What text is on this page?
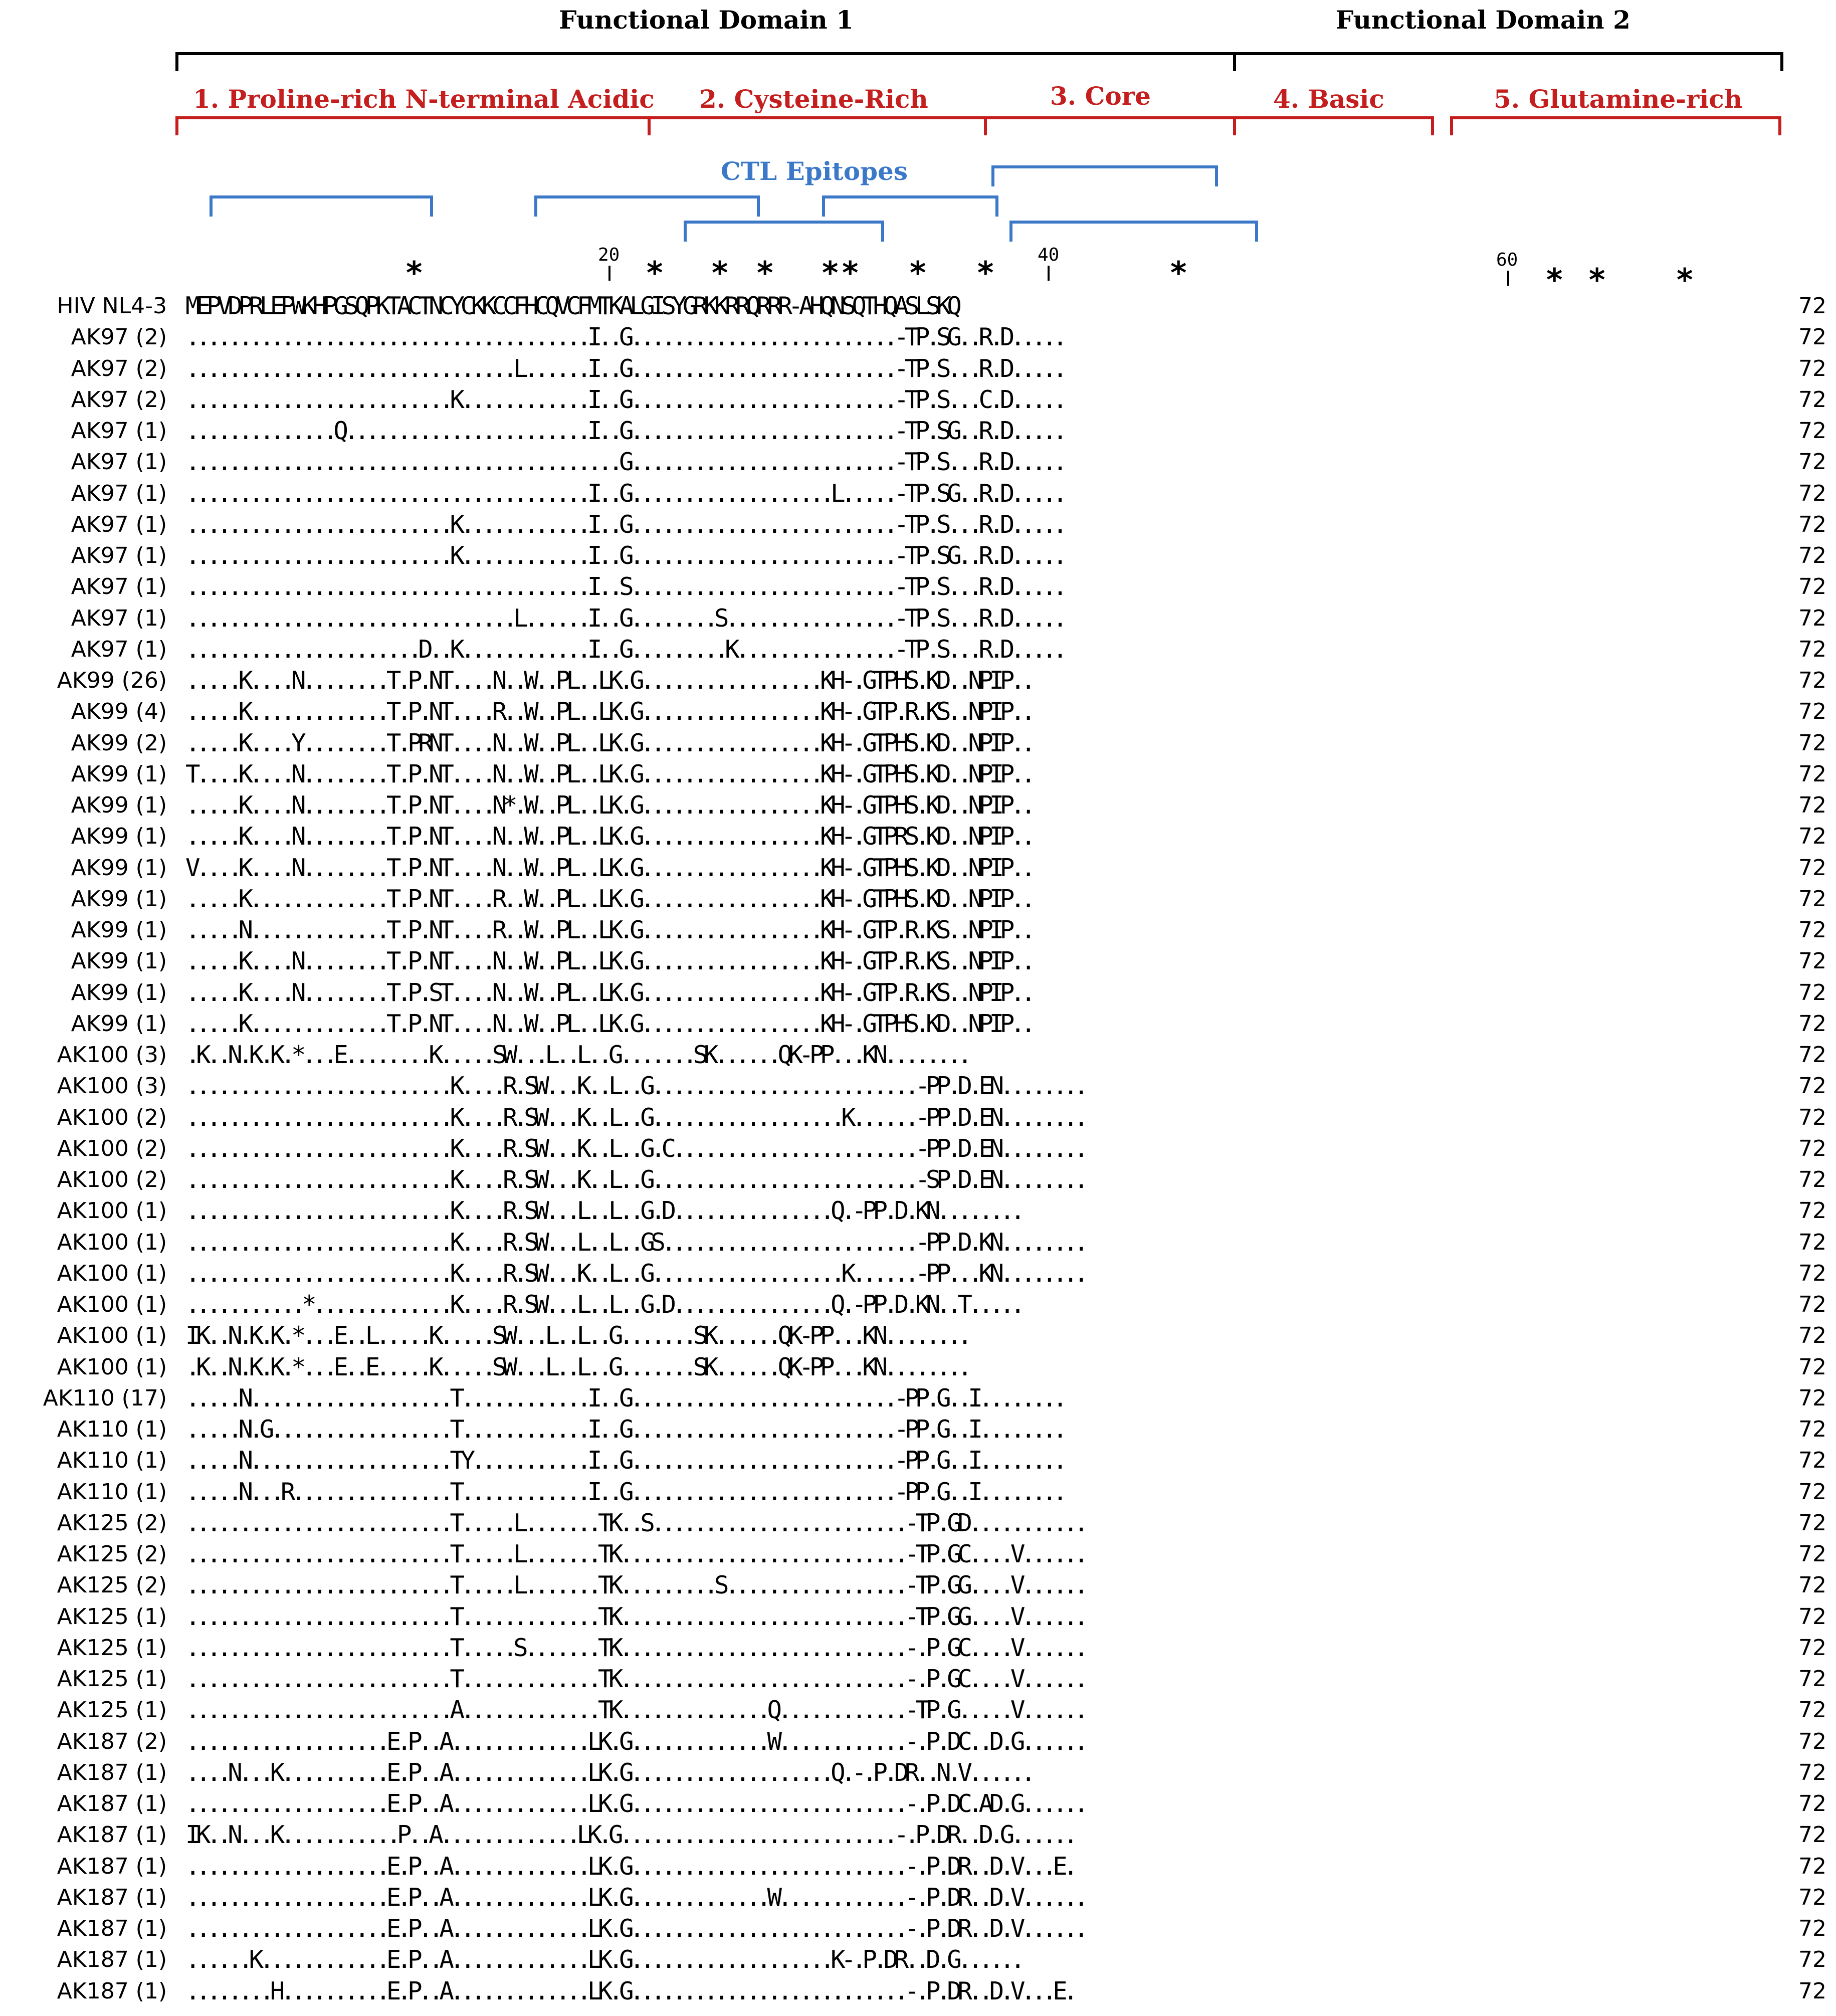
Functional Domain 1	Functional Domain 2
1. Proline-rich N-terminal Acidic 2. Cysteine-Rich	3. Core	4. Basic	5. Glutamine-rich
CTL Epitopes
20	40	60
*	* * * * * * *	*	* * *
HIV NL4-3 MEPVDPRLEPWKHPGSQPKTACTNCYCKKCCFHCQVCFMTKALGISYGRKKRRQRRR-AHQNSQTHQASLSKQ	72
AK97 (2) ......................................I..G.........................-TP.SG..R.D.....	72
AK97 (2) ...............................L......I..G.........................-TP.S...R.D.....	72
AK97 (2) .........................K............I..G.........................-TP.S...C.D.....	72
AK97 (1) ..............Q.......................I..G.........................-TP.SG..R.D.....	72
AK97 (1) .........................................G.........................-TP.S...R.D.....	72
AK97 (1) ......................................I..G...................L.....-TP.SG..R.D.....	72
AK97 (1) .........................K............I..G.........................-TP.S...R.D.....	72
AK97 (1) .........................K............I..G.........................-TP.SG..R.D.....	72
AK97 (1) ......................................I..S.........................-TP.S...R.D.....	72
AK97 (1) ...............................L......I..G........S................-TP.S...R.D.....	72
AK97 (1) ......................D..K............I..G.........K...............-TP.S...R.D.....	72
AK99 (26) .....K....N........T.P.NT....N..W..PL..LK.G.................KH-.GTPHS.KD..NPIP..	72
AK99 (4) .....K.............T.P.NT....R..W..PL..LK.G.................KH-.GTP.R.KS..NPIP..	72
AK99 (2) .....K....Y........T.PRNT....N..W..PL..LK.G.................KH-.GTPHS.KD..NPIP..	72
AK99 (1) T....K....N........T.P.NT....N..W..PL..LK.G.................KH-.GTPHS.KD..NPIP..	72
AK99 (1) .....K....N........T.P.NT....N*.W..PL..LK.G.................KH-.GTPHS.KD..NPIP..	72
AK99 (1) .....K....N........T.P.NT....N..W..PL..LK.G.................KH-.GTPRS.KD..NPIP..	72
AK99 (1) V....K....N........T.P.NT....N..W..PL..LK.G.................KH-.GTPHS.KD..NPIP..	72
AK99 (1) .....K.............T.P.NT....R..W..PL..LK.G.................KH-.GTPHS.KD..NPIP..	72
AK99 (1) .....N.............T.P.NT....R..W..PL..LK.G.................KH-.GTP.R.KS..NPIP..	72
AK99 (1) .....K....N........T.P.NT....N..W..PL..LK.G.................KH-.GTP.R.KS..NPIP..	72
AK99 (1) .....K....N........T.P.ST....N..W..PL..LK.G.................KH-.GTP.R.KS..NPIP..	72
AK99 (1) .....K.............T.P.NT....N..W..PL..LK.G.................KH-.GTPHS.KD..NPIP..	72
AK100 (3) .K..N.K.K.*...E........K.....SW...L..L..G.......SK......QK-PP...KN........	72
AK100 (3) .........................K....R.SW...K..L..G.........................-PP.D.EN........	72
AK100 (2) .........................K....R.SW...K..L..G..................K......-PP.D.EN........	72
AK100 (2) .........................K....R.SW...K..L..G.C.......................-PP.D.EN........	72
AK100 (2) .........................K....R.SW...K..L..G.........................-SP.D.EN........	72
AK100 (1) .........................K....R.SW...L..L..G.D...............Q.-PP.D.KN........	72
AK100 (1) .........................K....R.SW...L..L..GS........................-PP.D.KN........	72
AK100 (1) .........................K....R.SW...K..L..G..................K......-PP...KN........	72
AK100 (1) ...........*.............K....R.SW...L..L..G.D...............Q.-PP.D.KN..T.....	72
AK100 (1) IK..N.K.K.*...E..L.....K.....SW...L..L..G.......SK......QK-PP...KN........	72
AK100 (1) .K..N.K.K.*...E..E.....K.....SW...L..L..G.......SK......QK-PP...KN........	72
AK110 (17) .....N...................T............I..G.........................-PP.G..I........	72
AK110 (1) .....N.G.................T............I..G.........................-PP.G..I........	72
AK110 (1) .....N...................TY...........I..G.........................-PP.G..I........	72
AK110 (1) .....N...R...............T............I..G.........................-PP.G..I........	72
AK125 (2) .........................T.....L.......TK..S........................-TP.GD...........	72
AK125 (2) .........................T.....L.......TK...........................-TP.GC....V......	72
AK125 (2) .........................T.....L.......TK.........S.................-TP.GG....V......	72
AK125 (1) .........................T.............TK...........................-TP.GG....V......	72
AK125 (1) .........................T.....S.......TK...........................-.P.GC....V......	72
AK125 (1) .........................T.............TK...........................-.P.GC....V......	72
AK125 (1) .........................A.............TK..............Q............-TP.G.....V......	72
AK187 (2) ...................E.P..A.............LK.G.............W............-.P.DC..D.G......	72
AK187 (1) ....N...K..........E.P..A.............LK.G...................Q.-.P.DR..N.V......	72
AK187 (1) ...................E.P..A.............LK.G..........................-.P.DC.AD.G......	72
AK187 (1) IK..N...K...........P..A.............LK.G..........................-.P.DR..D.G......	72
AK187 (1) ...................E.P..A.............LK.G..........................-.P.DR..D.V...E.	72
AK187 (1) ...................E.P..A.............LK.G.............W............-.P.DR..D.V......	72
AK187 (1) ...................E.P..A.............LK.G..........................-.P.DR..D.V......	72
AK187 (1) ......K............E.P..A.............LK.G...................K-.P.DR..D.G......	72
AK187 (1) ........H..........E.P..A.............LK.G..........................-.P.DR..D.V...E.	72
